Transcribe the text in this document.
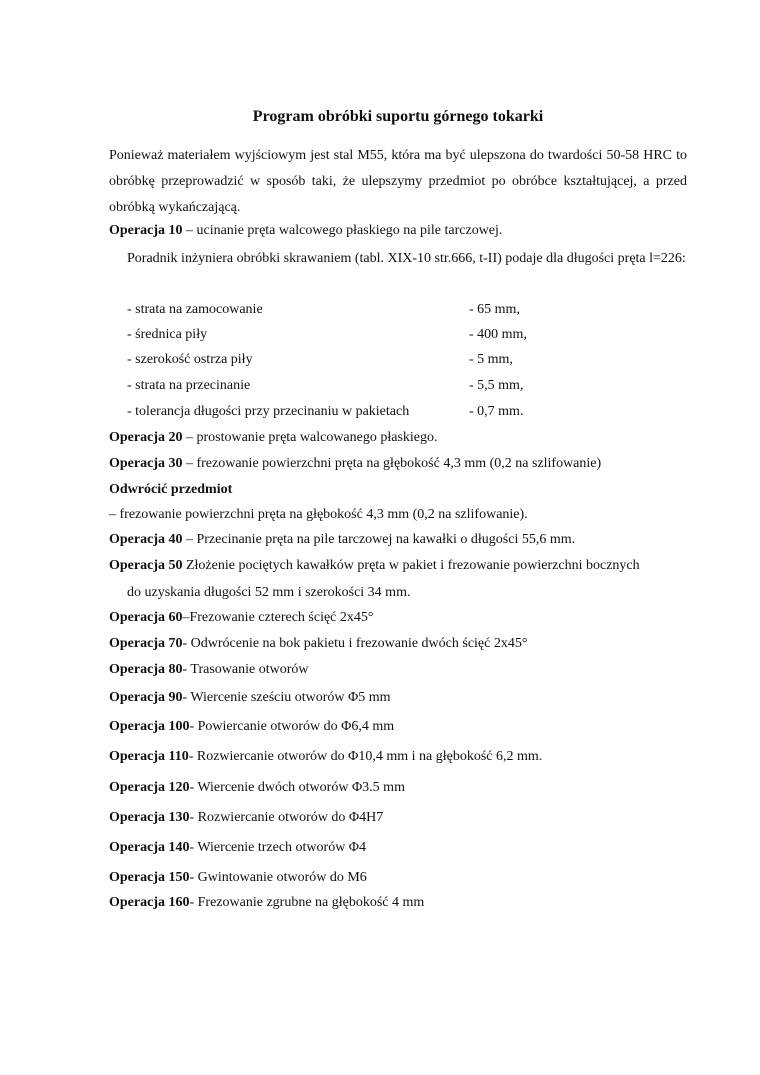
Program obróbki suportu górnego tokarki
Ponieważ materiałem wyjściowym jest stal M55, która ma być ulepszona do twardości 50-58 HRC to obróbkę przeprowadzić w sposób taki, że ulepszymy przedmiot po obróbce kształtującej, a przed obróbką wykańczającą.
Operacja 10 – ucinanie pręta walcowego płaskiego na pile tarczowej.
Poradnik inżyniera obróbki skrawaniem (tabl. XIX-10 str.666, t-II) podaje dla długości pręta l=226:
- strata na zamocowanie	- 65 mm,
- średnica piły	- 400 mm,
- szerokość ostrza piły	- 5 mm,
- strata na przecinanie	- 5,5 mm,
- tolerancja długości przy przecinaniu w pakietach	- 0,7 mm.
Operacja 20 – prostowanie pręta walcowanego płaskiego.
Operacja 30 – frezowanie powierzchni pręta na głębokość 4,3 mm (0,2 na szlifowanie)
Odwrócić przedmiot
– frezowanie powierzchni pręta na głębokość 4,3 mm (0,2 na szlifowanie).
Operacja 40 – Przecinanie pręta na pile tarczowej na kawałki o długości 55,6 mm.
Operacja 50 Złożenie pociętych kawałków pręta w pakiet i frezowanie powierzchni bocznych
do uzyskania długości 52 mm i szerokości 34 mm.
Operacja 60–Frezowanie czterech ścięć 2x45°
Operacja 70- Odwrócenie na bok pakietu i frezowanie dwóch ścięć 2x45°
Operacja 80- Trasowanie otworów
Operacja 90- Wiercenie sześciu otworów Φ5 mm
Operacja 100- Powiercanie otworów do Φ6,4 mm
Operacja 110- Rozwiercanie otworów do Φ10,4 mm i na głębokość 6,2 mm.
Operacja 120- Wiercenie dwóch otworów Φ3.5 mm
Operacja 130- Rozwiercanie otworów do Φ4H7
Operacja 140- Wiercenie trzech otworów Φ4
Operacja 150- Gwintowanie otworów do M6
Operacja 160- Frezowanie zgrubne na głębokość 4 mm
